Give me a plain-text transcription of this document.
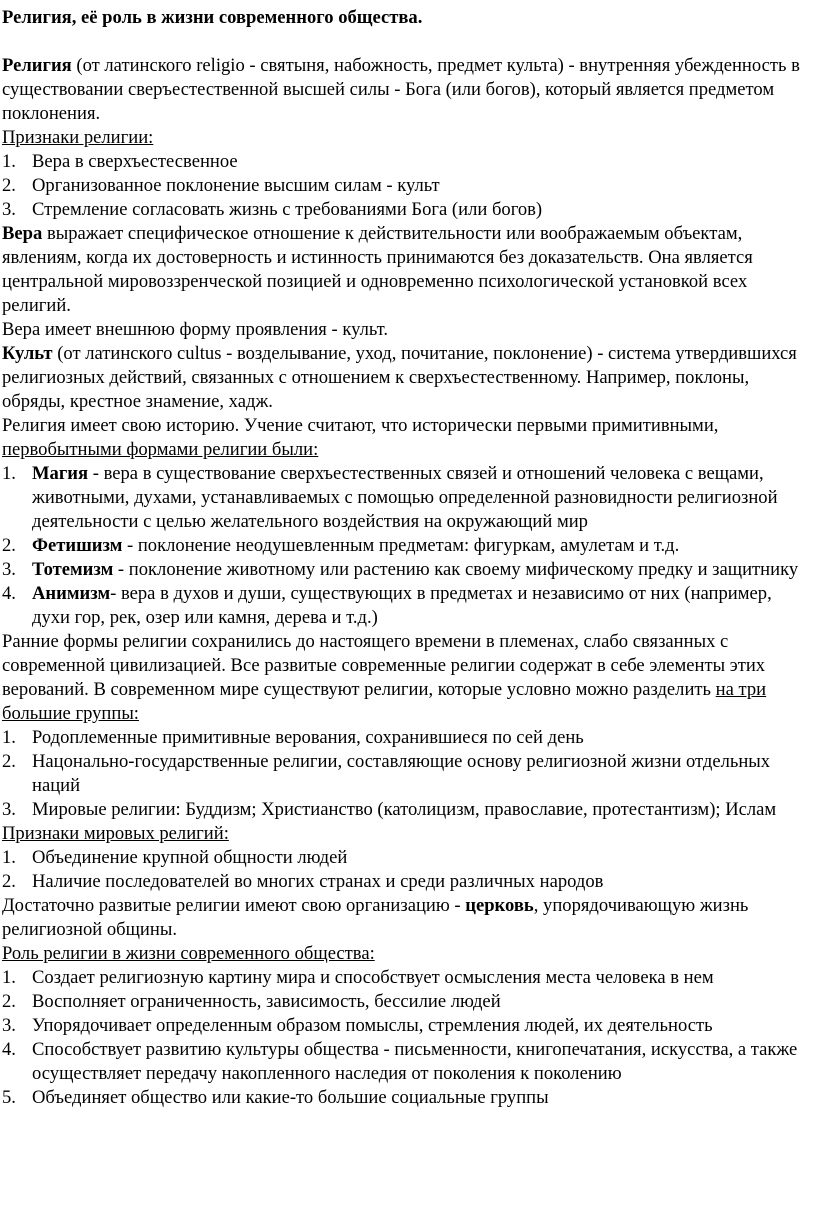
Религия, её роль в жизни современного общества.

Религия (от латинского religio - святыня, набожность, предмет культа) - внутренняя убежденность в существовании сверъестественной высшей силы - Бога (или богов), который является предметом поклонения.

Признаки религии:

1. Вера в сверхъестесвенное
2. Организованное поклонение высшим силам - культ
3. Стремление согласовать жизнь с требованиями Бога (или богов)

Вера выражает специфическое отношение к действительности или воображаемым объектам, явлениям, когда их достоверность и истинность принимаются без доказательств. Она является центральной мировоззренческой позицией и одновременно психологической установкой всех религий.

Вера имеет внешнюю форму проявления - культ.

Культ (от латинского cultus - возделывание, уход, почитание, поклонение) - система утвердившихся религиозных действий, связанных с отношением к сверхъестественному. Например, поклоны, обряды, крестное знамение, хадж.

Религия имеет свою историю. Учение считают, что исторически первыми примитивными, первобытными формами религии были:

1. Магия - вера в существование сверхъестественных связей и отношений человека с вещами, животными, духами, устанавливаемых с помощью определенной разновидности религиозной деятельности с целью желательного воздействия на окружающий мир
2. Фетишизм - поклонение неодушевленным предметам: фигуркам, амулетам и т.д.
3. Тотемизм - поклонение животному или растению как своему мифическому предку и защитнику
4. Анимизм- вера в духов и души, существующих в предметах и независимо от них (например, духи гор, рек, озер или камня, дерева и т.д.)

Ранние формы религии сохранились до настоящего времени в племенах, слабо связанных с современной цивилизацией. Все развитые современные религии содержат в себе элементы этих верований. В современном мире существуют религии, которые условно можно разделить на три большие группы:

1. Родоплеменные примитивные верования, сохранившиеся по сей день
2. Нацонально-государственные религии, составляющие основу религиозной жизни отдельных наций
3. Мировые религии: Буддизм; Христианство (католицизм, православие, протестантизм); Ислам

Признаки мировых религий:

1. Объединение крупной общности людей
2. Наличие последователей во многих странах и среди различных народов

Достаточно развитые религии имеют свою организацию - церковь, упорядочивающую жизнь религиозной общины.

Роль религии в жизни современного общества:

1. Создает религиозную картину мира и способствует осмысления места человека в нем
2. Восполняет ограниченность, зависимость, бессилие людей
3. Упорядочивает определенным образом помыслы, стремления людей, их деятельность
4. Способствует развитию культуры общества - письменности, книгопечатания, искусства, а также осуществляет передачу накопленного наследия от поколения к поколению
5. Объединяет общество или какие-то большие социальные группы
